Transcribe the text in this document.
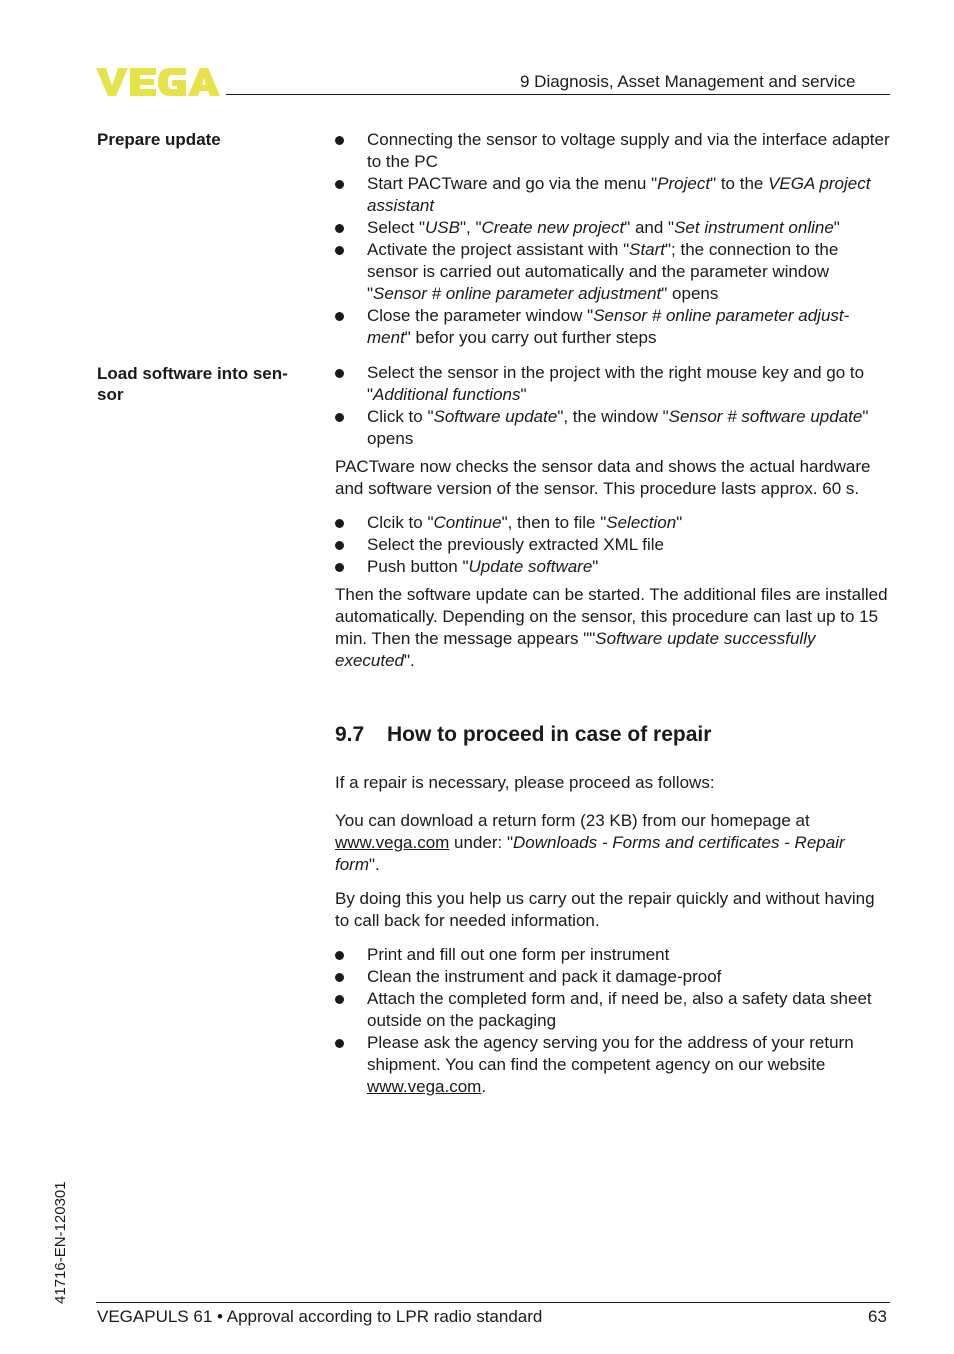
9 Diagnosis, Asset Management and service
Prepare update	Connecting the sensor to voltage supply and via the interface adapter to the PC
Start PACTware and go via the menu "Project" to the VEGA project assistant
Select "USB", "Create new project" and "Set instrument online"
Activate the project assistant with "Start"; the connection to the sensor is carried out automatically and the parameter window "Sensor # online parameter adjustment" opens
Close the parameter window "Sensor # online parameter adjust-ment" befor you carry out further steps
Load software into sen-
sor
Select the sensor in the project with the right mouse key and go to "Additional functions"
Click to "Software update", the window "Sensor # software update" opens

PACTware now checks the sensor data and shows the actual hardware and software version of the sensor. This procedure lasts approx. 60 s.

Clcik to "Continue", then to file "Selection"
Select the previously extracted XML file
Push button "Update software"

Then the software update can be started. The additional files are installed automatically. Depending on the sensor, this procedure can last up to 15 min. Then the message appears ""Software update successfully executed".

9.7 How to proceed in case of repair

If a repair is necessary, please proceed as follows:

You can download a return form (23 KB) from our homepage at www.vega.com under: "Downloads - Forms and certificates - Repair form".

By doing this you help us carry out the repair quickly and without having to call back for needed information.

Print and fill out one form per instrument
Clean the instrument and pack it damage-proof
Attach the completed form and, if need be, also a safety data sheet outside on the packaging
Please ask the agency serving you for the address of your return shipment. You can find the competent agency on our website www.vega.com.
41716-EN-120301
VEGAPULS 61 • Approval according to LPR radio standard	63
